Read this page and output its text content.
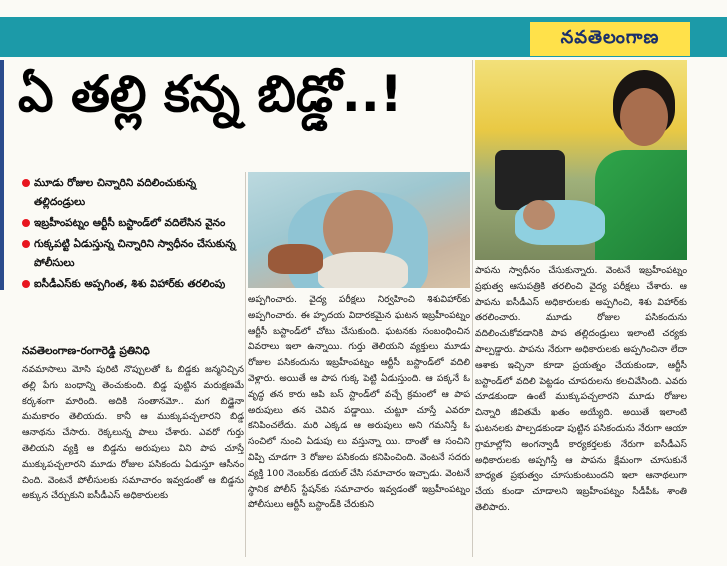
నవతెలంగాణ
ఏ తల్లి కన్న బిడ్డో..!
మూడు రోజుల చిన్నారిని వదిలించుకున్న తల్లిదండ్రులు
ఇబ్రహీంపట్నం ఆర్టీసీ బస్టాండ్‌లో వదిలేసిన వైనం
గుక్కపట్టి ఏడుస్తున్న చిన్నారిని స్వాధీనం చేసుకున్న పోలీసులు
ఐసీడీఎస్‌కు అప్పగింత, శిశు విహార్‌కు తరలింపు
నవతెలంగాణ-రంగారెడ్డి ప్రతినిధి
నవమాసాలు మోసి పురిటి నొప్పులతో ఓ బిడ్డకు జన్మనిచ్చిన తల్లి పేగు బంధాన్ని తెంచుకుంది. బిడ్డ పుట్టిన మరుక్షణమే కర్కశంగా మారింది. అదికి సంతానమో.. మగ బిడ్డైనా మమకారం తెలియదు. కానీ ఆ ముక్కుపచ్చలారని బిడ్డ ఆనాథను చేసారు. రెక్కలున్న పాలు చేశారు. ఎవరో గుర్తు తెలియని వ్యక్తి ఆ బిడ్డను అరుపులు విని పాప చూస్తే ముక్కుపచ్చలారని మూడు రోజుల పసికందు ఏడుస్తూ ఆసీనం చింది. వెంటనే పోలీసులకు సమాచారం ఇవ్వడంతో ఆ బిడ్డను అక్కున చేర్చుకుని ఐసీడీఎస్ అధికారులకు
అప్పగించారు. వైద్య పరీక్షలు నిర్వహించి శిశువిహార్‌కు అప్పగించారు. ఈ హృదయ విదారకమైన ఘటన ఇబ్రహీంపట్నం ఆర్టీసీ బస్టాండ్‌లో చోటు చేసుకుంది. ఘటనకు సంబంధించిన వివరాలు ఇలా ఉన్నాయి. గుర్తు తెలియని వ్యక్తులు మూడు రోజుల పసికందును ఇబ్రహీంపట్నం ఆర్టీసీ బస్టాండ్‌లో వదిలి వెళ్లారు. అయితే ఆ పాప గుక్క పెట్టి ఏడుస్తుంది. ఆ పక్కనే ఓ వృద్ధ తన కారు ఆపి బస్ స్టాండ్‌లో వచ్చే క్రమంలో ఆ పాప అరుపులు తన చెవిన పడ్డాయి. చుట్టూ చూస్తే ఎవరూ కనిపించలేదు. మరి ఎక్కడ ఆ అరుపులు అని గమనిస్తే ఓ సంచిలో నుంచి ఏడుపు లు వస్తున్నా యి. దాంతో ఆ సంచిని విప్పి చూడగా 3 రోజుల పసికందు కనిపించింది. వెంటనే సదరు వ్యక్తి 100 నెంబర్‌కు డయల్ చేసి సమాచారం ఇచ్చాడు. వెంటనే స్థానిక పోలీస్ స్టేషన్‌కు సమాచారం ఇవ్వడంతో ఇబ్రహీంపట్నం పోలీసులు ఆర్టీసీ బస్టాండ్‌కి చేరుకుని
పాపను స్వాధీనం చేసుకున్నారు. వెంటనే ఇబ్రహీంపట్నం ప్రభుత్వ ఆసుపత్రికి తరలించి వైద్య పరీక్షలు చేశారు. ఆ పాపను ఐసీడీఎస్ అధికారులకు అప్పగించి, శిశు విహార్‌కు తరలించారు. మూడు రోజుల పసికందును వదిలించుకోవడానికి పాప తల్లిదండ్రులు ఇలాంటి చర్యకు పాల్పడ్డారు. పాపను నేరుగా అధికారులకు అప్పగించినా లేదా ఆశాకు ఇచ్చినా కూడా ప్రయత్నం చేయకుండా, ఆర్టీసీ బస్టాండ్‌లో వదిలి పెట్టడం చూపరులను కలచివేసింది. ఎవరు చూడకుండా ఉంటే ముక్కుపచ్చలారని మూడు రోజుల చిన్నారి జీవితమే ఖతం అయ్యేది. అయితే ఇలాంటి ఘటనలకు పాల్పడకుండా పుట్టిన పసికందును నేరుగా ఆయా గ్రామాల్లోని అంగన్వాడీ కార్యకర్తలకు నేరుగా ఐసీడీఎస్ అధికారులకు అప్పగిస్తే ఆ పాపను క్షేమంగా చూసుకునే బాధ్యత ప్రభుత్వం చూసుకుంటుందని ఇలా ఆనాథలుగా చేయ కుండా చూడాలని ఇబ్రహీంపట్నం సీడీపీఓ శాంతి తెలిపారు.
